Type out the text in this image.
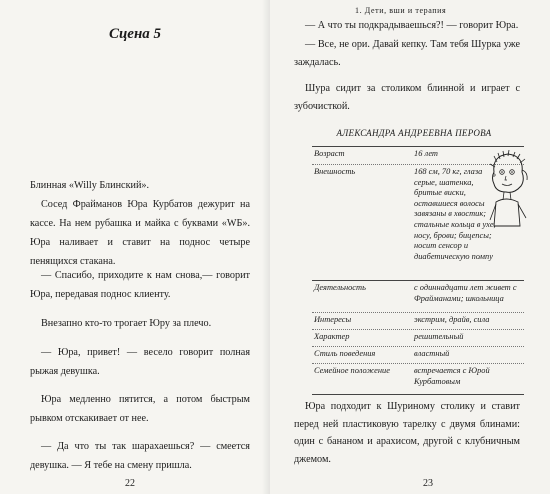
Сцена 5

Блинная «Willy Блинский».

Сосед Фрайманов Юра Курбатов дежурит на кассе. На нем рубашка и майка с буквами «WБ». Юра наливает и ставит на поднос четыре пенящихся стакана.

— Спасибо, приходите к нам снова,— говорит Юра, передавая поднос клиенту.

Внезапно кто-то трогает Юру за плечо.

— Юра, привет! — весело говорит полная рыжая девушка.

Юра медленно пятится, а потом быстрым рывком отскакивает от нее.

— Да что ты так шарахаешься? — смеется девушка. — Я тебе на смену пришла.

22
1. Дети, вши и терапия

— А что ты подкрадываешься?! — говорит Юра.

— Все, не ори. Давай кепку. Там тебя Шурка уже заждалась.

Шура сидит за столиком блинной и играет с зубочисткой.

АЛЕКСАНДРА АНДРЕЕВНА ПЕРОВА
Возраст	16 лет
Внешность	168 см, 70 кг, глаза серые, шатенка, бритые виски, оставшиеся волосы завязаны в хвостик; стальные кольца в ухе, носу, брови; бицепсы; носит сенсор и диабетическую помпу
Деятельность	с одиннадцати лет живет с Фрайманами; школьница
Интересы	экстрим, драйв, сила
Характер	решительный
Стиль поведения	властный
Семейное положение	встречается с Юрой Курбатовым

Юра подходит к Шуриному столику и ставит перед ней пластиковую тарелку с двумя блинами: один с бананом и арахисом, другой с клубничным джемом.

23
